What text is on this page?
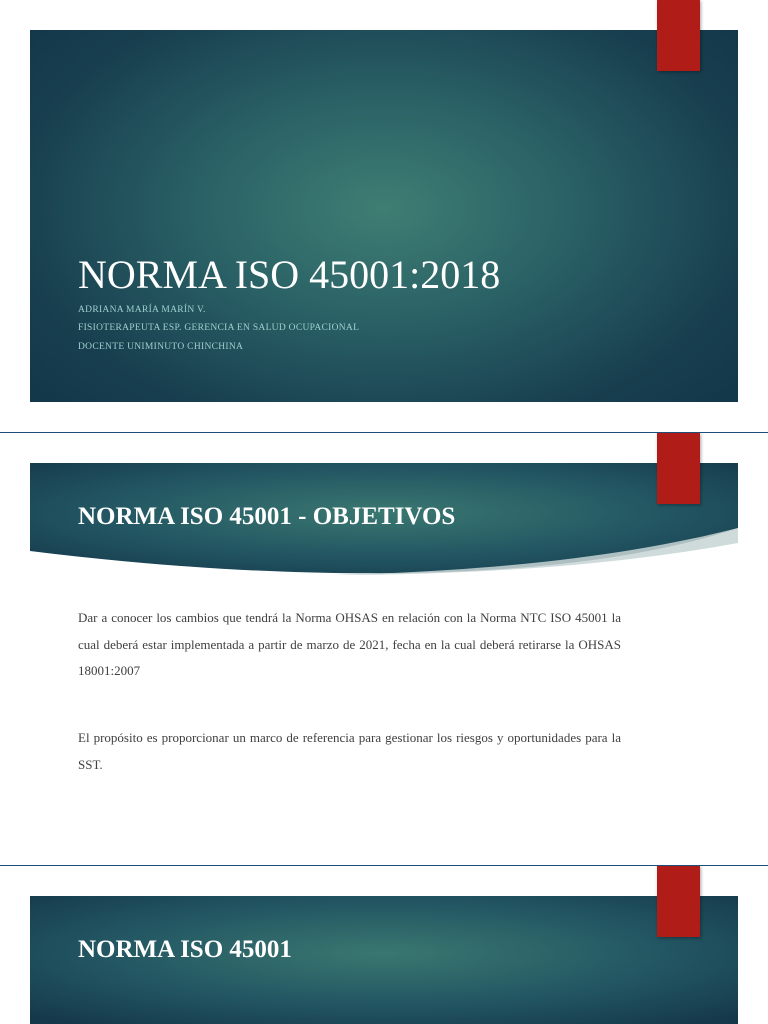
NORMA ISO 45001:2018
ADRIANA MARÍA MARÍN V.
FISIOTERAPEUTA ESP. GERENCIA EN SALUD OCUPACIONAL
DOCENTE UNIMINUTO CHINCHINA
NORMA ISO 45001 - OBJETIVOS

Dar a conocer los cambios que tendrá la Norma OHSAS en relación con la Norma NTC ISO 45001 la cual deberá estar implementada a partir de marzo de 2021, fecha en la cual deberá retirarse la OHSAS 18001:2007

El propósito es proporcionar un marco de referencia para gestionar los riesgos y oportunidades para la SST.

NORMA ISO 45001
